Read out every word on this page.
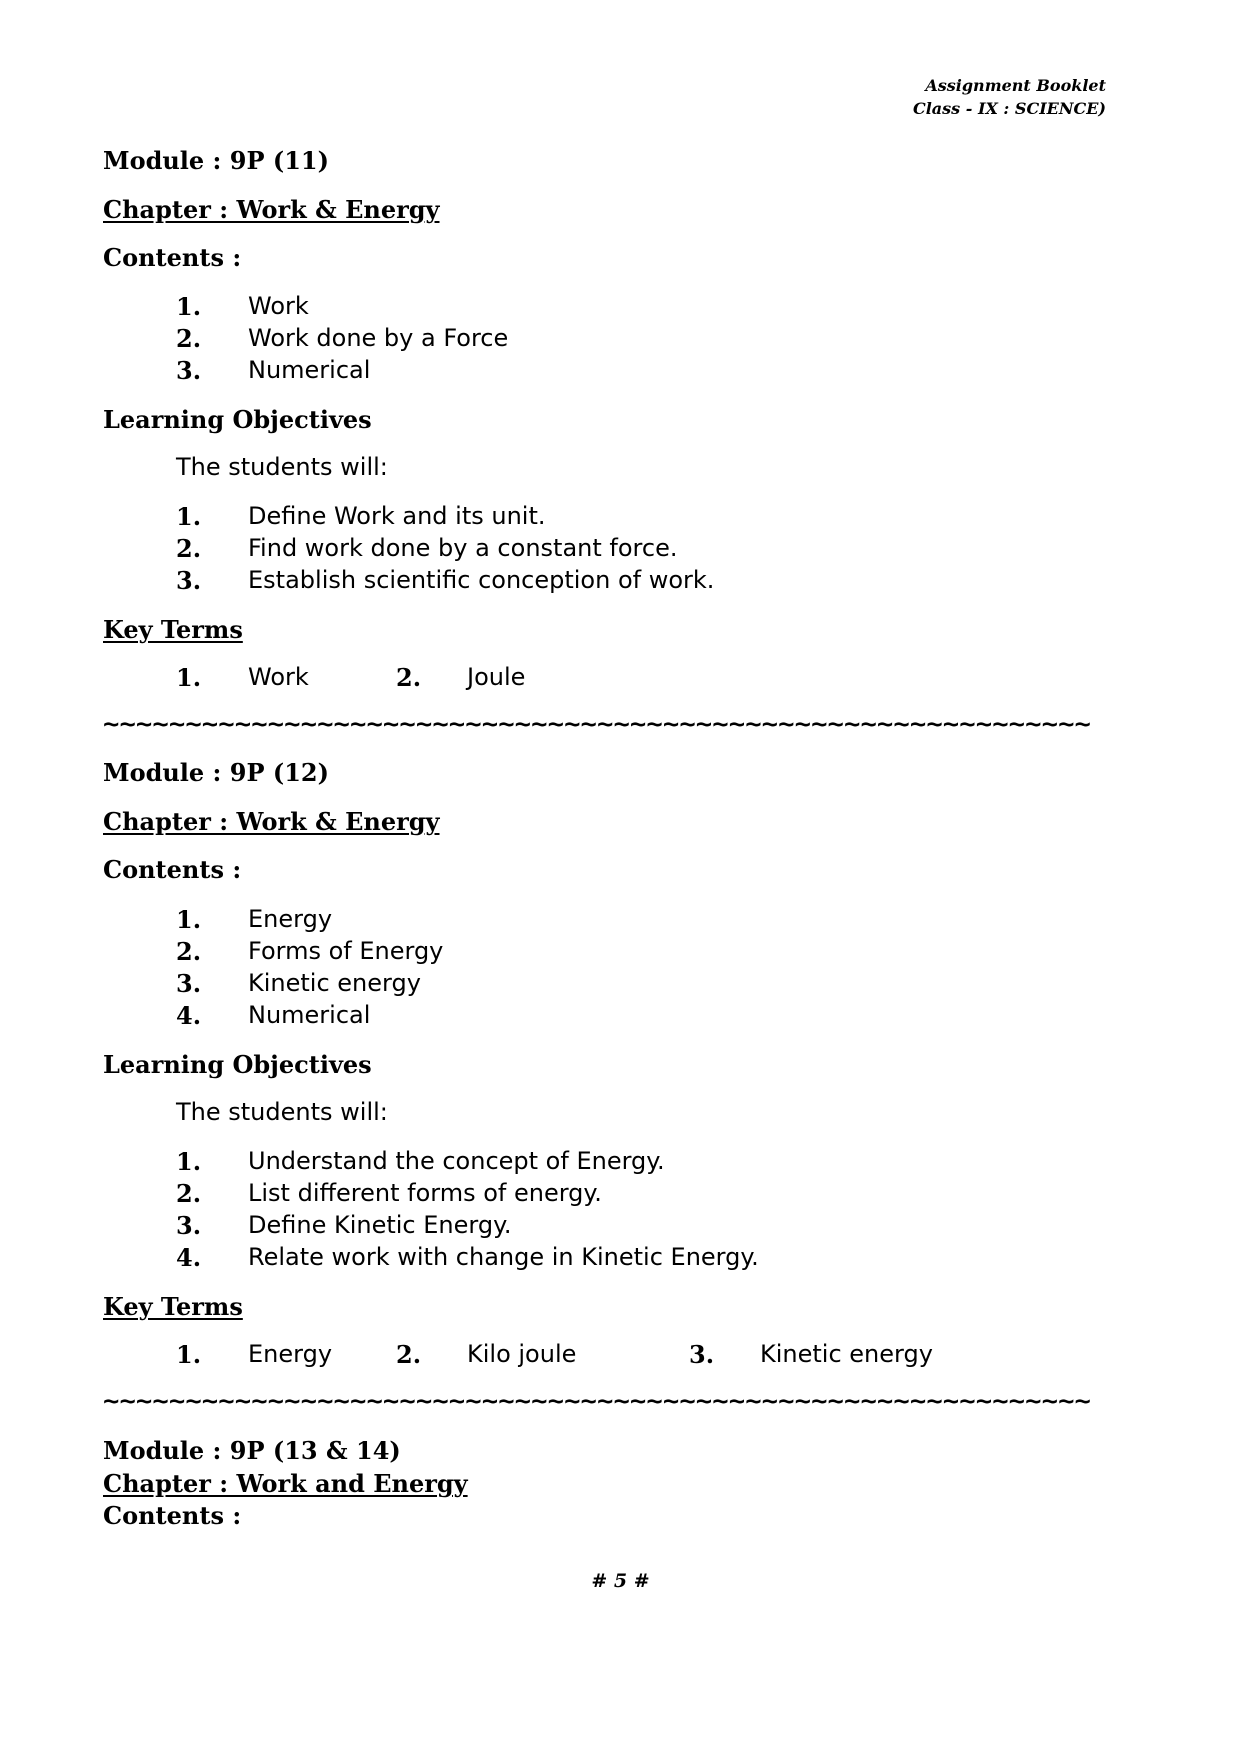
Assignment Booklet
Class - IX : SCIENCE)
Module : 9P (11)
Chapter : Work & Energy
Contents :
1. Work
2. Work done by a Force
3. Numerical
Learning Objectives
The students will:
1. Define Work and its unit.
2. Find work done by a constant force.
3. Establish scientific conception of work.
Key Terms
1. Work	2. Joule
~~~~~~~~~~~~~~~~~~~~~~~~~~~~~~~~~~~~~~~~~~~~~~~~~~~~~~~~~~~~
Module : 9P (12)
Chapter : Work & Energy
Contents :
1. Energy
2. Forms of Energy
3. Kinetic energy
4. Numerical
Learning Objectives
The students will:
1. Understand the concept of Energy.
2. List different forms of energy.
3. Define Kinetic Energy.
4. Relate work with change in Kinetic Energy.
Key Terms
1. Energy	2. Kilo joule	3. Kinetic energy
~~~~~~~~~~~~~~~~~~~~~~~~~~~~~~~~~~~~~~~~~~~~~~~~~~~~~~~~~~~~
Module : 9P (13 & 14)
Chapter : Work and Energy
Contents :
# 5 #
